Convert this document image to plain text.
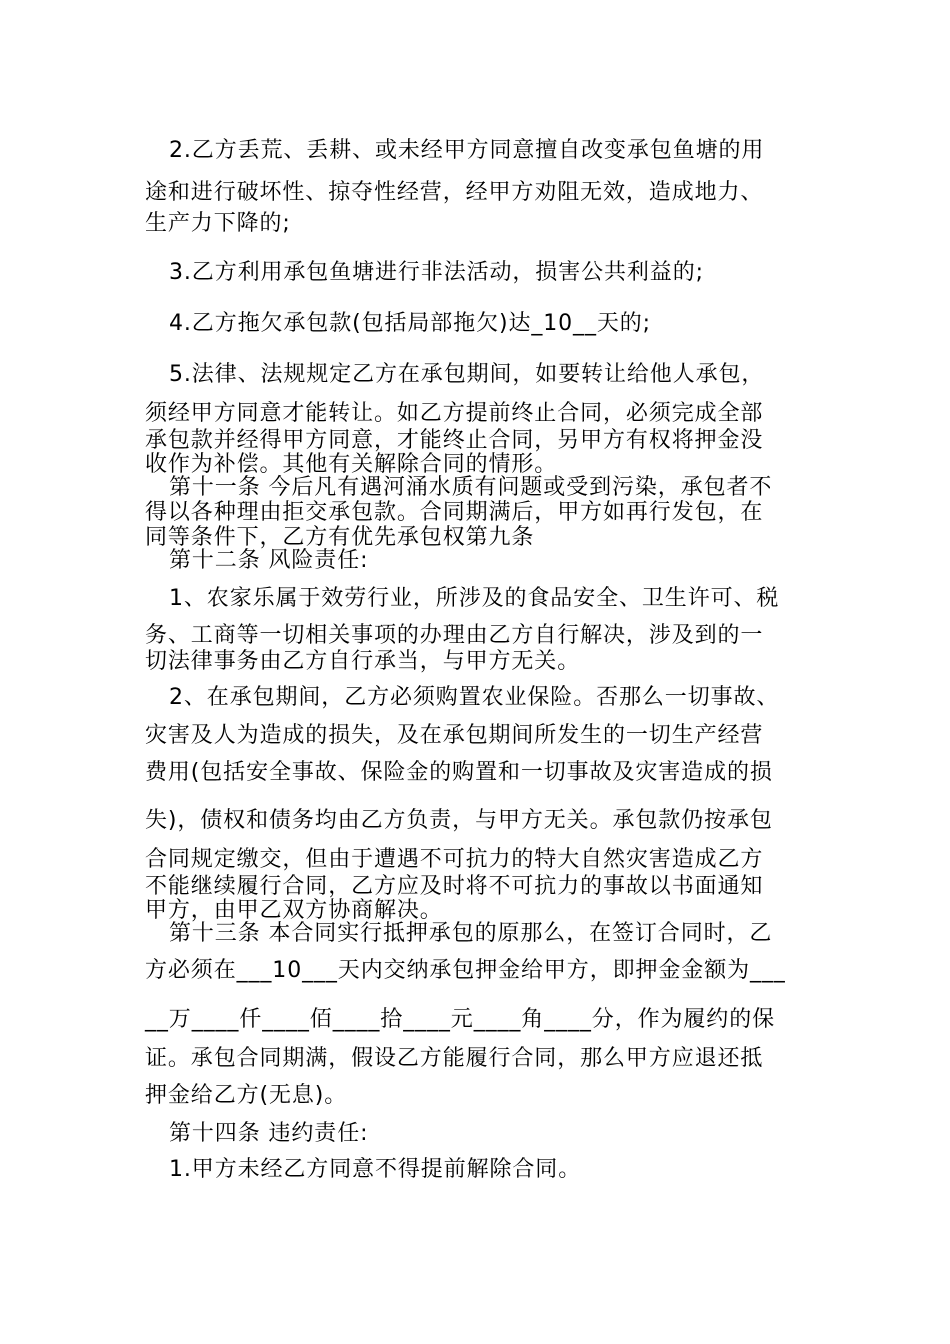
2.乙方丢荒、丢耕、或未经甲方同意擅自改变承包鱼塘的用
途和进行破坏性、掠夺性经营，经甲方劝阻无效，造成地力、
生产力下降的;
3.乙方利用承包鱼塘进行非法活动，损害公共利益的;
4.乙方拖欠承包款(包括局部拖欠)达_10__天的;
5.法律、法规规定乙方在承包期间，如要转让给他人承包，
须经甲方同意才能转让。如乙方提前终止合同，必须完成全部
承包款并经得甲方同意，才能终止合同，另甲方有权将押金没
收作为补偿。其他有关解除合同的情形。
第十一条 今后凡有遇河涌水质有问题或受到污染，承包者不
得以各种理由拒交承包款。合同期满后，甲方如再行发包，在
同等条件下，乙方有优先承包权第九条
第十二条 风险责任:
1、农家乐属于效劳行业，所涉及的食品安全、卫生许可、税
务、工商等一切相关事项的办理由乙方自行解决，涉及到的一
切法律事务由乙方自行承当，与甲方无关。
2、在承包期间，乙方必须购置农业保险。否那么一切事故、
灾害及人为造成的损失，及在承包期间所发生的一切生产经营
费用(包括安全事故、保险金的购置和一切事故及灾害造成的损
失)，债权和债务均由乙方负责，与甲方无关。承包款仍按承包
合同规定缴交，但由于遭遇不可抗力的特大自然灾害造成乙方
不能继续履行合同，乙方应及时将不可抗力的事故以书面通知
甲方，由甲乙双方协商解决。
第十三条 本合同实行抵押承包的原那么，在签订合同时，乙
方必须在___10___天内交纳承包押金给甲方，即押金金额为___
__万____仟____佰____拾____元____角____分，作为履约的保
证。承包合同期满，假设乙方能履行合同，那么甲方应退还抵
押金给乙方(无息)。
第十四条 违约责任:
1.甲方未经乙方同意不得提前解除合同。
